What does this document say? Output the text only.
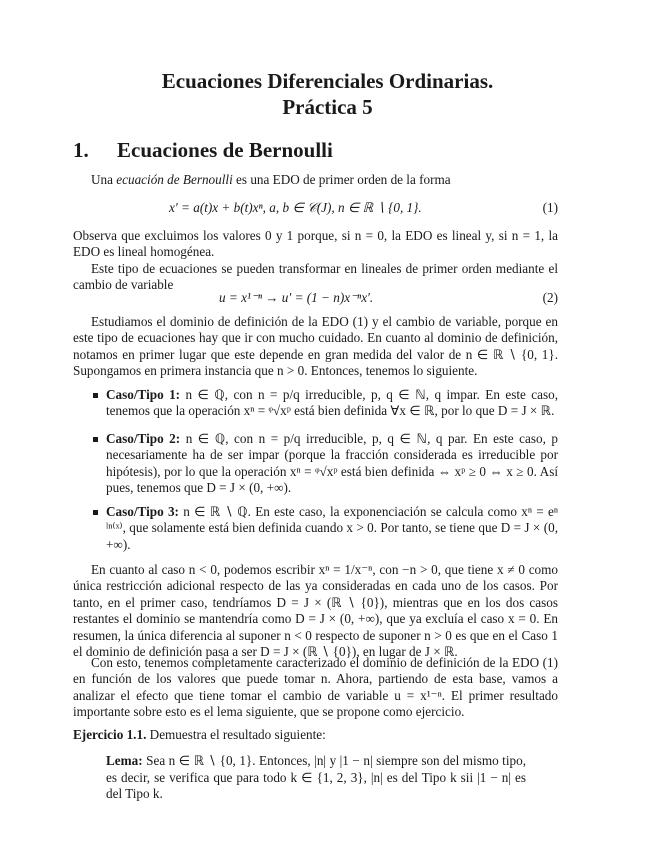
Ecuaciones Diferenciales Ordinarias.
Práctica 5
1. Ecuaciones de Bernoulli
Una ecuación de Bernoulli es una EDO de primer orden de la forma
x′ = a(t)x + b(t)xⁿ, a, b ∈ 𝒞(J), n ∈ ℝ ∖ {0, 1}.	(1)
Observa que excluimos los valores 0 y 1 porque, si n = 0, la EDO es lineal y, si n = 1, la EDO es lineal homogénea.
Este tipo de ecuaciones se pueden transformar en lineales de primer orden mediante el cambio de variable
u = x¹⁻ⁿ → u′ = (1 − n)x⁻ⁿx′.	(2)
Estudiamos el dominio de definición de la EDO (1) y el cambio de variable, porque en este tipo de ecuaciones hay que ir con mucho cuidado. En cuanto al dominio de definición, notamos en primer lugar que este depende en gran medida del valor de n ∈ ℝ ∖ {0, 1}. Supongamos en primera instancia que n > 0. Entonces, tenemos lo siguiente.
Caso/Tipo 1: n ∈ ℚ, con n = p/q irreducible, p, q ∈ ℕ, q impar. En este caso, tenemos que la operación xⁿ = ᵠ√xᵖ está bien definida ∀x ∈ ℝ, por lo que D = J × ℝ.
Caso/Tipo 2: n ∈ ℚ, con n = p/q irreducible, p, q ∈ ℕ, q par. En este caso, p necesariamente ha de ser impar (porque la fracción considerada es irreducible por hipótesis), por lo que la operación xⁿ = ᵠ√xᵖ está bien definida ⇔ xᵖ ≥ 0 ⇔ x ≥ 0. Así pues, tenemos que D = J × (0, +∞).
Caso/Tipo 3: n ∈ ℝ ∖ ℚ. En este caso, la exponenciación se calcula como xⁿ = eⁿ ˡⁿ⁽ˣ⁾, que solamente está bien definida cuando x > 0. Por tanto, se tiene que D = J × (0, +∞).
En cuanto al caso n < 0, podemos escribir xⁿ = 1/x⁻ⁿ, con −n > 0, que tiene x ≠ 0 como única restricción adicional respecto de las ya consideradas en cada uno de los casos. Por tanto, en el primer caso, tendríamos D = J × (ℝ ∖ {0}), mientras que en los dos casos restantes el dominio se mantendría como D = J × (0, +∞), que ya excluía el caso x = 0. En resumen, la única diferencia al suponer n < 0 respecto de suponer n > 0 es que en el Caso 1 el dominio de definición pasa a ser D = J × (ℝ ∖ {0}), en lugar de J × ℝ.
Con esto, tenemos completamente caracterizado el dominio de definición de la EDO (1) en función de los valores que puede tomar n. Ahora, partiendo de esta base, vamos a analizar el efecto que tiene tomar el cambio de variable u = x¹⁻ⁿ. El primer resultado importante sobre esto es el lema siguiente, que se propone como ejercicio.
Ejercicio 1.1. Demuestra el resultado siguiente:
Lema: Sea n ∈ ℝ ∖ {0, 1}. Entonces, |n| y |1 − n| siempre son del mismo tipo, es decir, se verifica que para todo k ∈ {1, 2, 3}, |n| es del Tipo k sii |1 − n| es del Tipo k.
